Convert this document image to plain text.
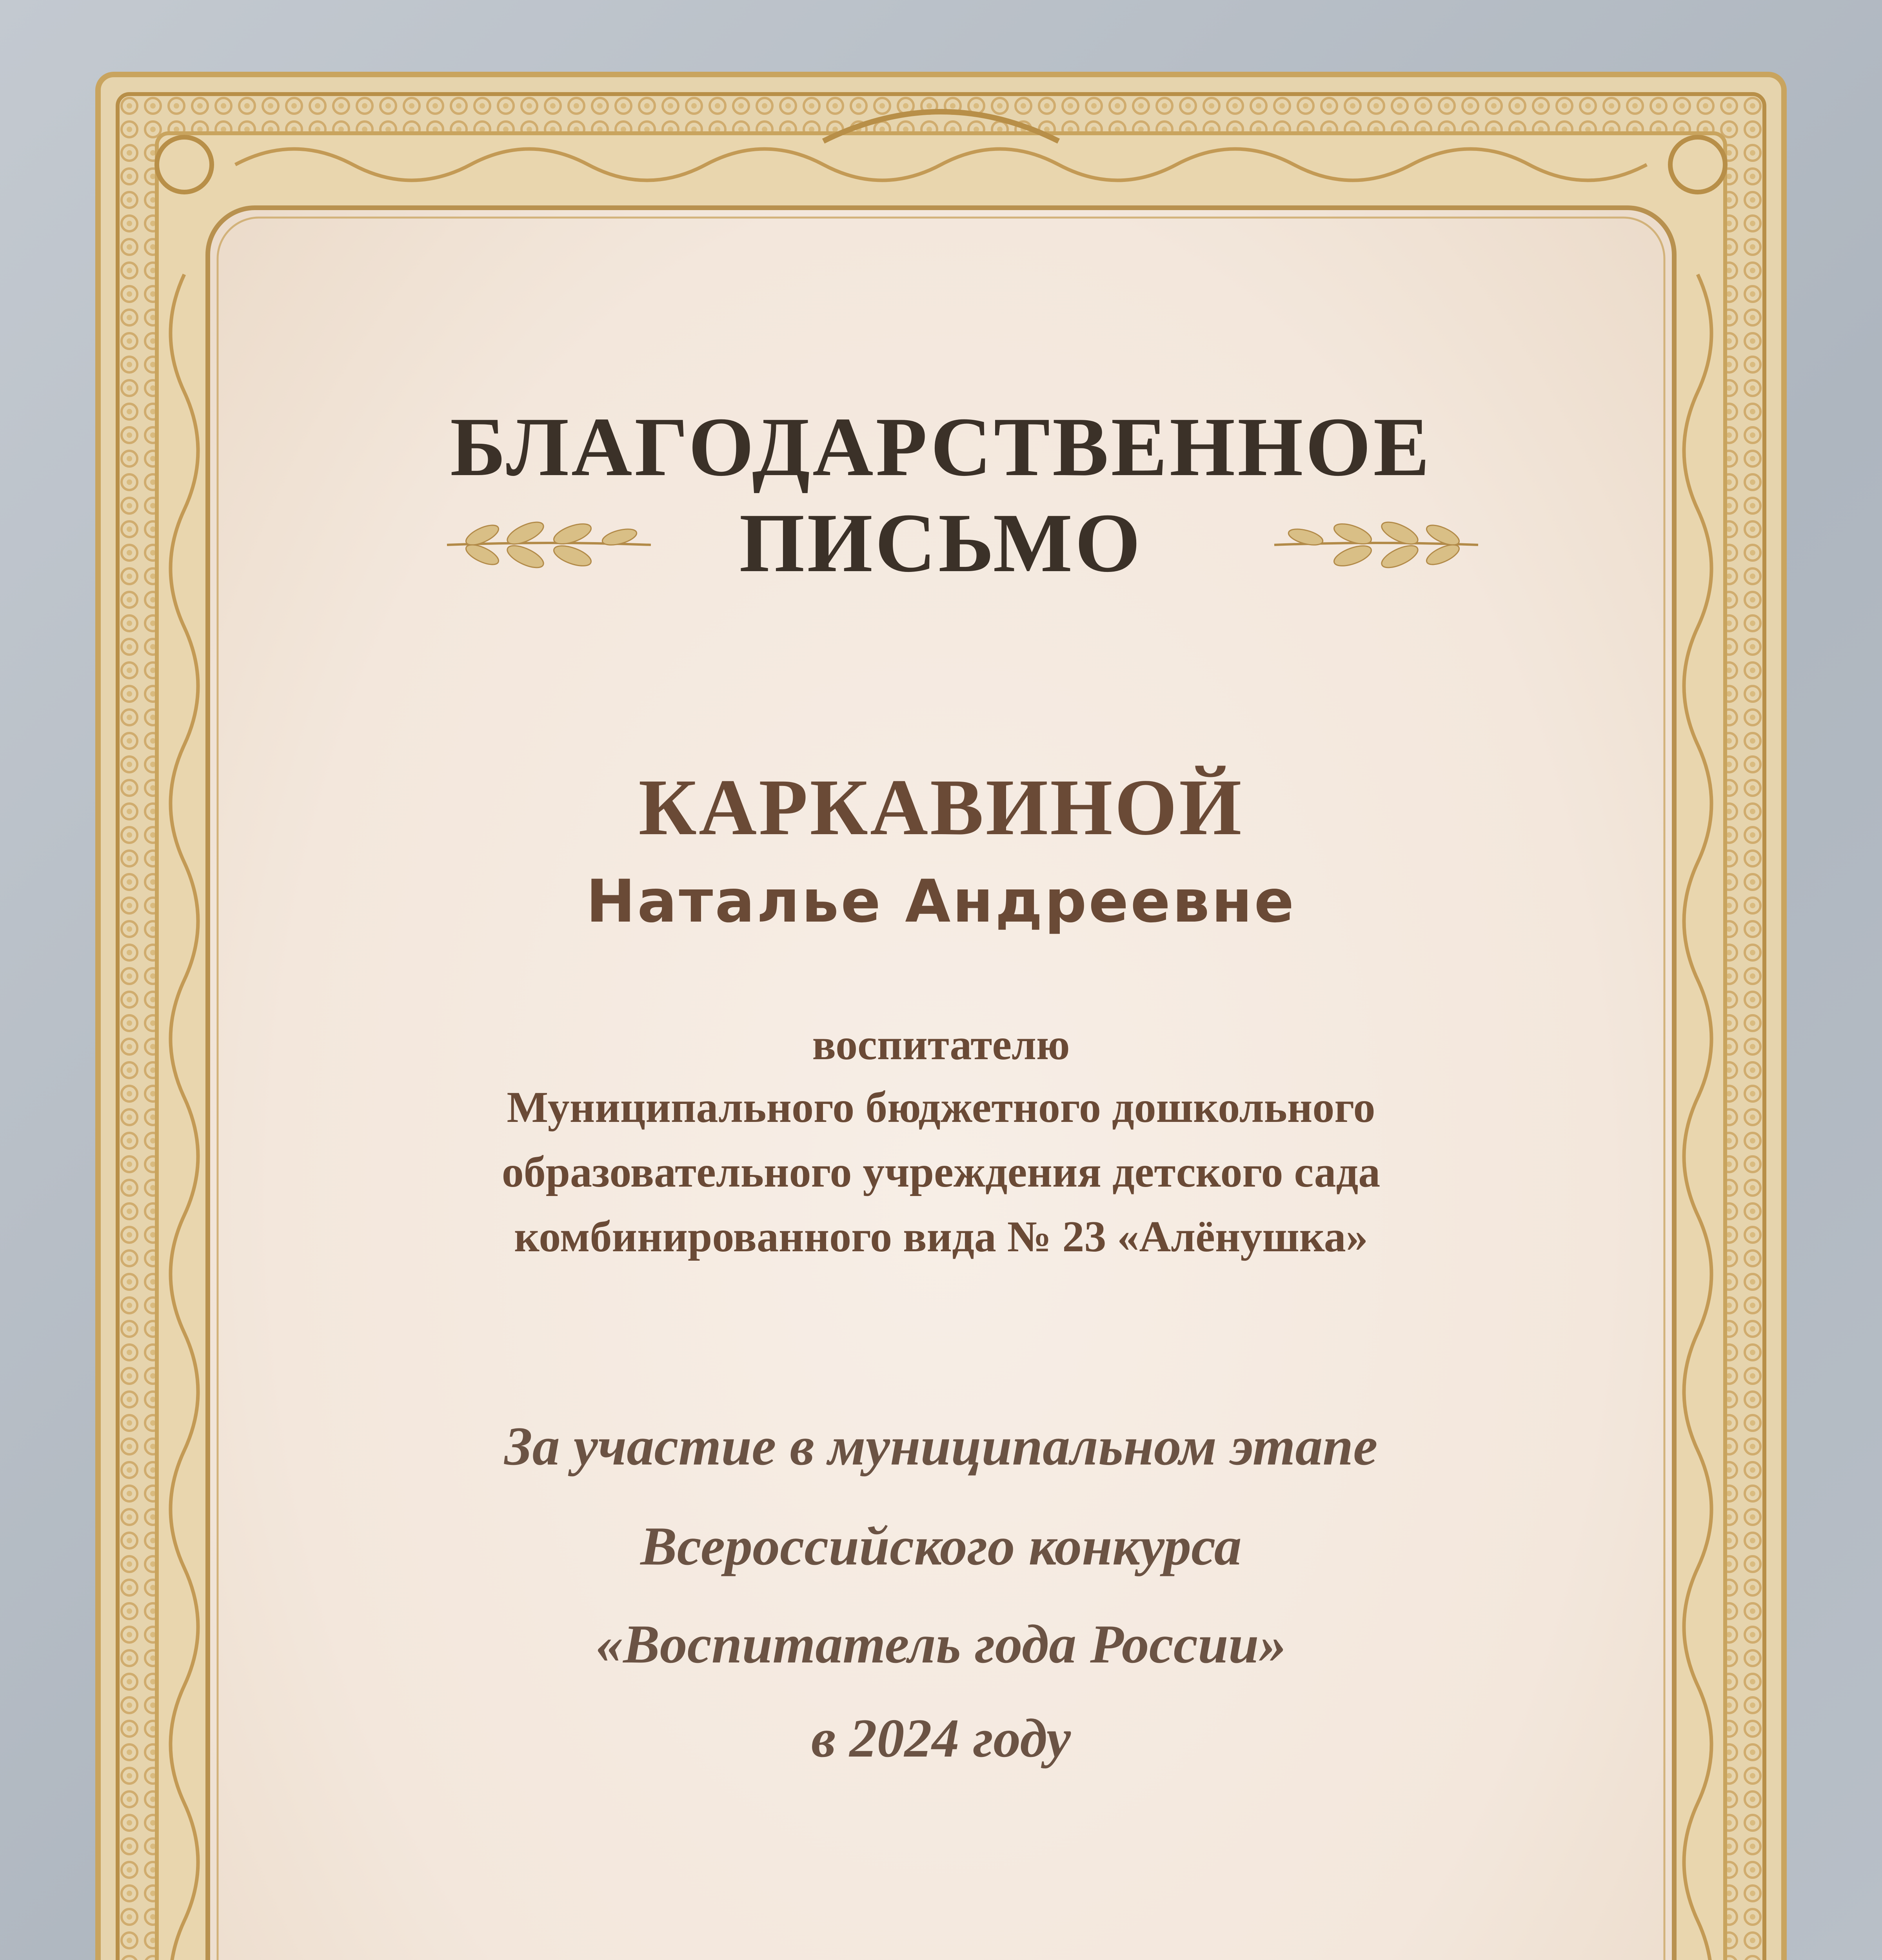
БЛАГОДАРСТВЕННОЕ
ПИСЬМО
КАРКАВИНОЙ
Наталье Андреевне
воспитателю
Муниципального бюджетного дошкольного
образовательного учреждения детского сада
комбинированного вида № 23 «Алёнушка»
За участие в муниципальном этапе
Всероссийского конкурса
«Воспитатель года России»
в 2024 году
